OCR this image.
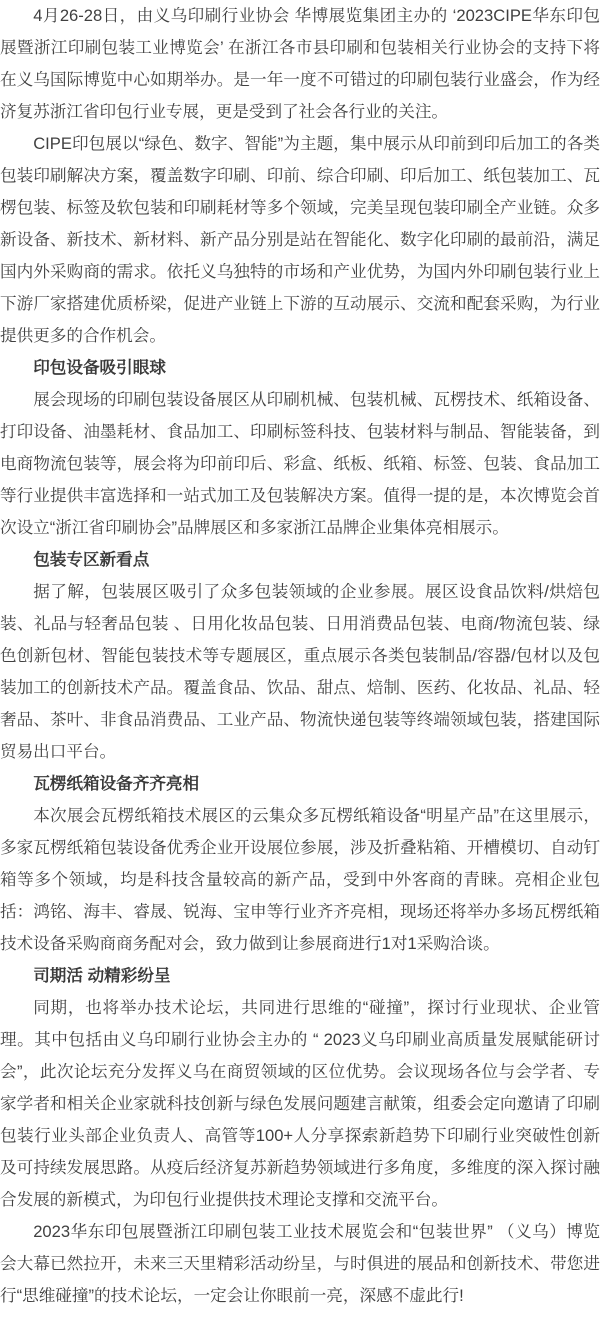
4月26-28日，由义乌印刷行业协会 华博展览集团主办的 ‘2023CIPE华东印包展暨浙江印刷包装工业博览会’ 在浙江各市县印刷和包装相关行业协会的支持下将在义乌国际博览中心如期举办。是一年一度不可错过的印刷包装行业盛会，作为经济复苏浙江省印包行业专展，更是受到了社会各行业的关注。

CIPE印包展以“绿色、数字、智能”为主题，集中展示从印前到印后加工的各类包装印刷解决方案，覆盖数字印刷、印前、综合印刷、印后加工、纸包装加工、瓦楞包装、标签及软包装和印刷耗材等多个领域，完美呈现包装印刷全产业链。众多新设备、新技术、新材料、新产品分别是站在智能化、数字化印刷的最前沿，满足国内外采购商的需求。依托义乌独特的市场和产业优势，为国内外印刷包装行业上下游厂家搭建优质桥梁，促进产业链上下游的互动展示、交流和配套采购，为行业提供更多的合作机会。

印包设备吸引眼球

展会现场的印刷包装设备展区从印刷机械、包装机械、瓦楞技术、纸箱设备、打印设备、油墨耗材、食品加工、印刷标签科技、包装材料与制品、智能装备，到电商物流包装等，展会将为印前印后、彩盒、纸板、纸箱、标签、包装、食品加工等行业提供丰富选择和一站式加工及包装解决方案。值得一提的是，本次博览会首次设立“浙江省印刷协会”品牌展区和多家浙江品牌企业集体亮相展示。

包装专区新看点

据了解，包装展区吸引了众多包装领域的企业参展。展区设食品饮料/烘焙包装、礼品与轻奢品包装 、日用化妆品包装、日用消费品包装、电商/物流包装、绿色创新包材、智能包装技术等专题展区，重点展示各类包装制品/容器/包材以及包装加工的创新技术产品。覆盖食品、饮品、甜点、焙制、医药、化妆品、礼品、轻奢品、茶叶、非食品消费品、工业产品、物流快递包装等终端领域包装，搭建国际贸易出口平台。

瓦楞纸箱设备齐齐亮相

本次展会瓦楞纸箱技术展区的云集众多瓦楞纸箱设备“明星产品”在这里展示，多家瓦楞纸箱包装设备优秀企业开设展位参展，涉及折叠粘箱、开槽模切、自动钉箱等多个领域，均是科技含量较高的新产品，受到中外客商的青睐。亮相企业包括：鸿铭、海丰、睿晟、锐海、宝申等行业齐齐亮相，现场还将举办多场瓦楞纸箱技术设备采购商商务配对会，致力做到让参展商进行1对1采购洽谈。

司期活 动精彩纷呈

同期，也将举办技术论坛，共同进行思维的“碰撞”，探讨行业现状、企业管理。其中包括由义乌印刷行业协会主办的 “ 2023义乌印刷业高质量发展赋能研讨会”，此次论坛充分发挥义乌在商贸领域的区位优势。会议现场各位与会学者、专家学者和相关企业家就科技创新与绿色发展问题建言献策，组委会定向邀请了印刷包装行业头部企业负责人、高管等100+人分享探索新趋势下印刷行业突破性创新及可持续发展思路。从疫后经济复苏新趋势领域进行多角度，多维度的深入探讨融合发展的新模式，为印包行业提供技术理论支撑和交流平台。

2023华东印包展暨浙江印刷包装工业技术展览会和“包装世界” （义乌）博览会大幕已然拉开，未来三天里精彩活动纷呈，与时俱进的展品和创新技术、带您进行“思维碰撞”的技术论坛，一定会让你眼前一亮，深感不虚此行!
